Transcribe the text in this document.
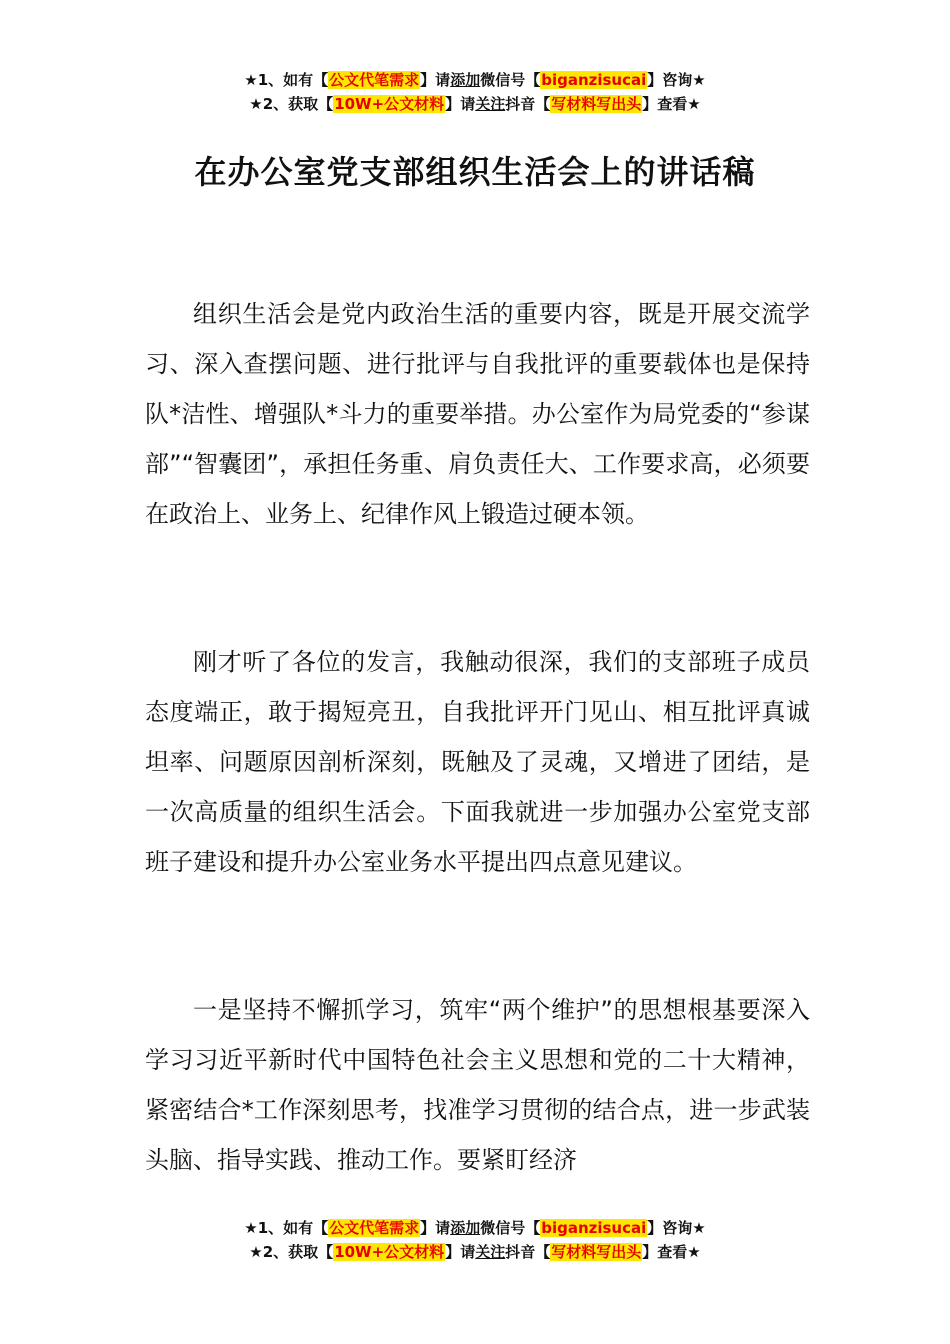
★1、如有【公文代笔需求】请添加微信号【biganzisucai】咨询★
★2、获取【10W+公文材料】请关注抖音【写材料写出头】查看★
在办公室党支部组织生活会上的讲话稿

组织生活会是党内政治生活的重要内容，既是开展交流学习、深入查摆问题、进行批评与自我批评的重要载体也是保持队*洁性、增强队*斗力的重要举措。办公室作为局党委的“参谋部”“智囊团”，承担任务重、肩负责任大、工作要求高，必须要在政治上、业务上、纪律作风上锻造过硬本领。

刚才听了各位的发言，我触动很深，我们的支部班子成员态度端正，敢于揭短亮丑，自我批评开门见山、相互批评真诚坦率、问题原因剖析深刻，既触及了灵魂，又增进了团结，是一次高质量的组织生活会。下面我就进一步加强办公室党支部班子建设和提升办公室业务水平提出四点意见建议。

一是坚持不懈抓学习，筑牢“两个维护”的思想根基要深入学习习近平新时代中国特色社会主义思想和党的二十大精神，紧密结合*工作深刻思考，找准学习贯彻的结合点，进一步武装头脑、指导实践、推动工作。要紧盯经济

★1、如有【公文代笔需求】请添加微信号【biganzisucai】咨询★
★2、获取【10W+公文材料】请关注抖音【写材料写出头】查看★
